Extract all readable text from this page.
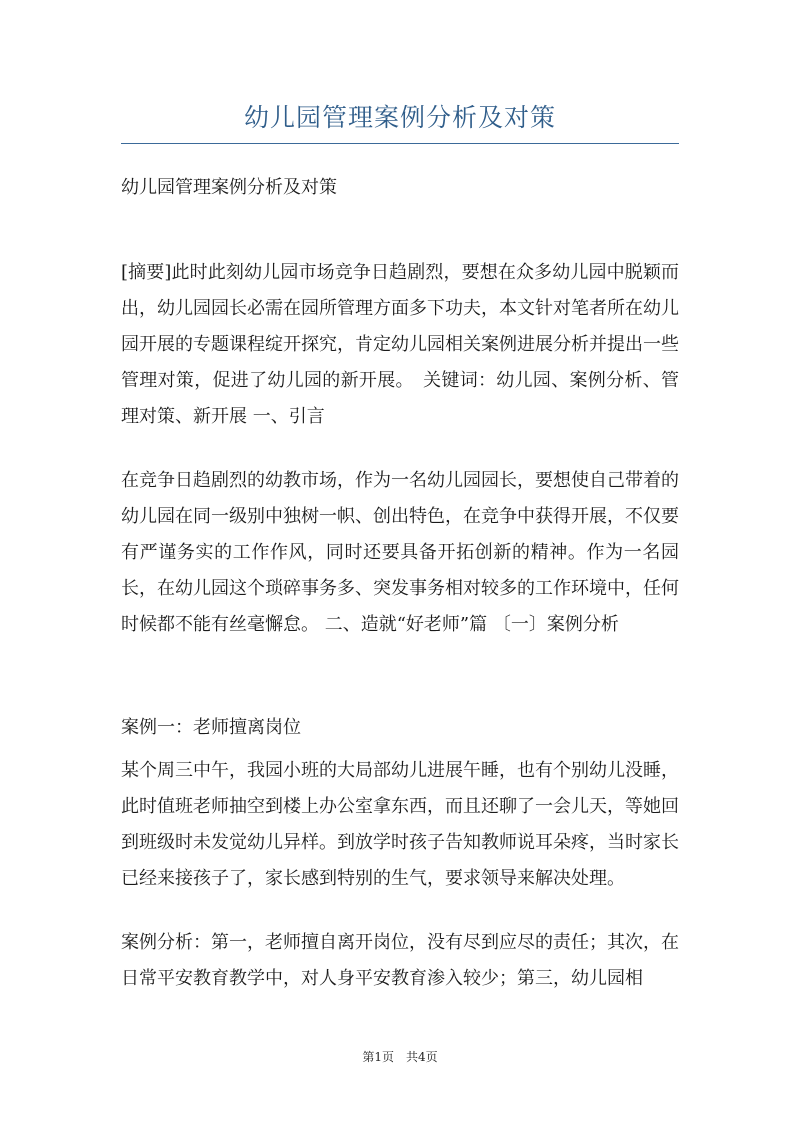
幼儿园管理案例分析及对策

幼儿园管理案例分析及对策

[摘要]此时此刻幼儿园市场竞争日趋剧烈，要想在众多幼儿园中脱颖而出，幼儿园园长必需在园所管理方面多下功夫，本文针对笔者所在幼儿园开展的专题课程绽开探究，肯定幼儿园相关案例进展分析并提出一些管理对策，促进了幼儿园的新开展。　关键词：幼儿园、案例分析、管理对策、新开展 一、引言

在竞争日趋剧烈的幼教市场，作为一名幼儿园园长，要想使自己带着的幼儿园在同一级别中独树一帜、创出特色，在竞争中获得开展，不仅要有严谨务实的工作作风，同时还要具备开拓创新的精神。作为一名园长，在幼儿园这个琐碎事务多、突发事务相对较多的工作环境中，任何时候都不能有丝毫懈怠。 二、造就“好老师”篇 〔一〕案例分析

案例一：老师擅离岗位

某个周三中午，我园小班的大局部幼儿进展午睡，也有个别幼儿没睡，此时值班老师抽空到楼上办公室拿东西，而且还聊了一会儿天，等她回到班级时未发觉幼儿异样。到放学时孩子告知教师说耳朵疼，当时家长已经来接孩子了，家长感到特别的生气，要求领导来解决处理。

案例分析：第一，老师擅自离开岗位，没有尽到应尽的责任；其次，在日常平安教育教学中，对人身平安教育渗入较少；第三，幼儿园相

第1页　共4页
